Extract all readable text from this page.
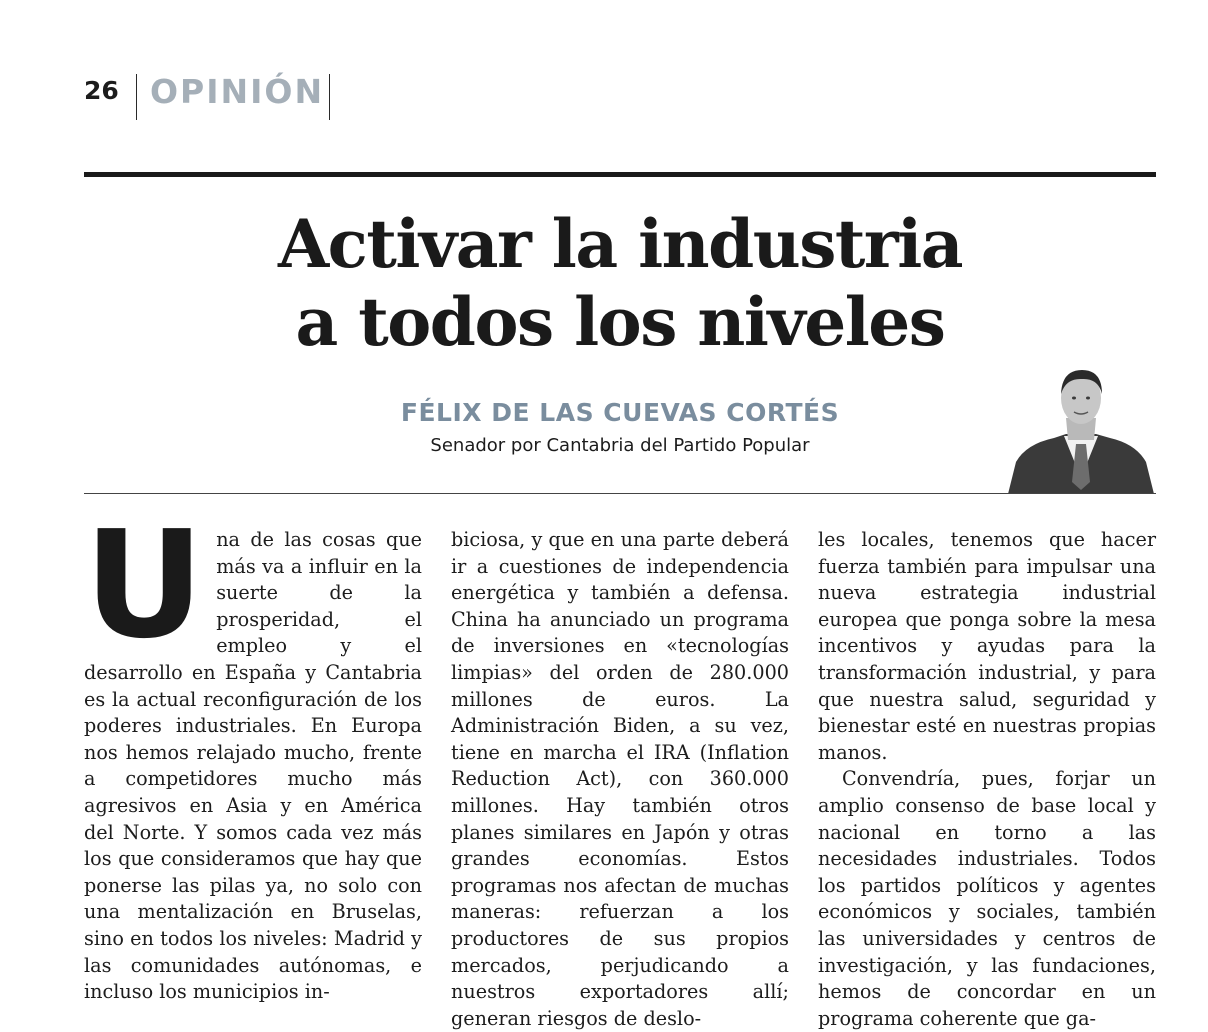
26 OPINIÓN
Activar la industria
a todos los niveles
FÉLIX DE LAS CUEVAS CORTÉS
Senador por Cantabria del Partido Popular

U na de las cosas que más va a influir en la suerte de la prosperidad, el empleo y el desarrollo en España y Cantabria es la actual reconfiguración de los poderes industriales. En Europa nos hemos relajado mucho, frente a competidores mucho más agresivos en Asia y en América del Norte. Y somos cada vez más los que consideramos que hay que ponerse las pilas ya, no solo con una mentalización en Bruselas, sino en todos los niveles: Madrid y las comunidades autónomas, e incluso los municipios in-

biciosa, y que en una parte deberá ir a cuestiones de independencia energética y también a defensa. China ha anunciado un programa de inversiones en «tecnologías limpias» del orden de 280.000 millones de euros. La Administración Biden, a su vez, tiene en marcha el IRA (Inflation Reduction Act), con 360.000 millones. Hay también otros planes similares en Japón y otras grandes economías. Estos programas nos afectan de muchas maneras: refuerzan a los productores de sus propios mercados, perjudicando a nuestros exportadores allí; generan riesgos de deslo-

les locales, tenemos que hacer fuerza también para impulsar una nueva estrategia industrial europea que ponga sobre la mesa incentivos y ayudas para la transformación industrial, y para que nuestra salud, seguridad y bienestar esté en nuestras propias manos.

Convendría, pues, forjar un amplio consenso de base local y nacional en torno a las necesidades industriales. Todos los partidos políticos y agentes económicos y sociales, también las universidades y centros de investigación, y las fundaciones, hemos de concordar en un programa coherente que ga-
